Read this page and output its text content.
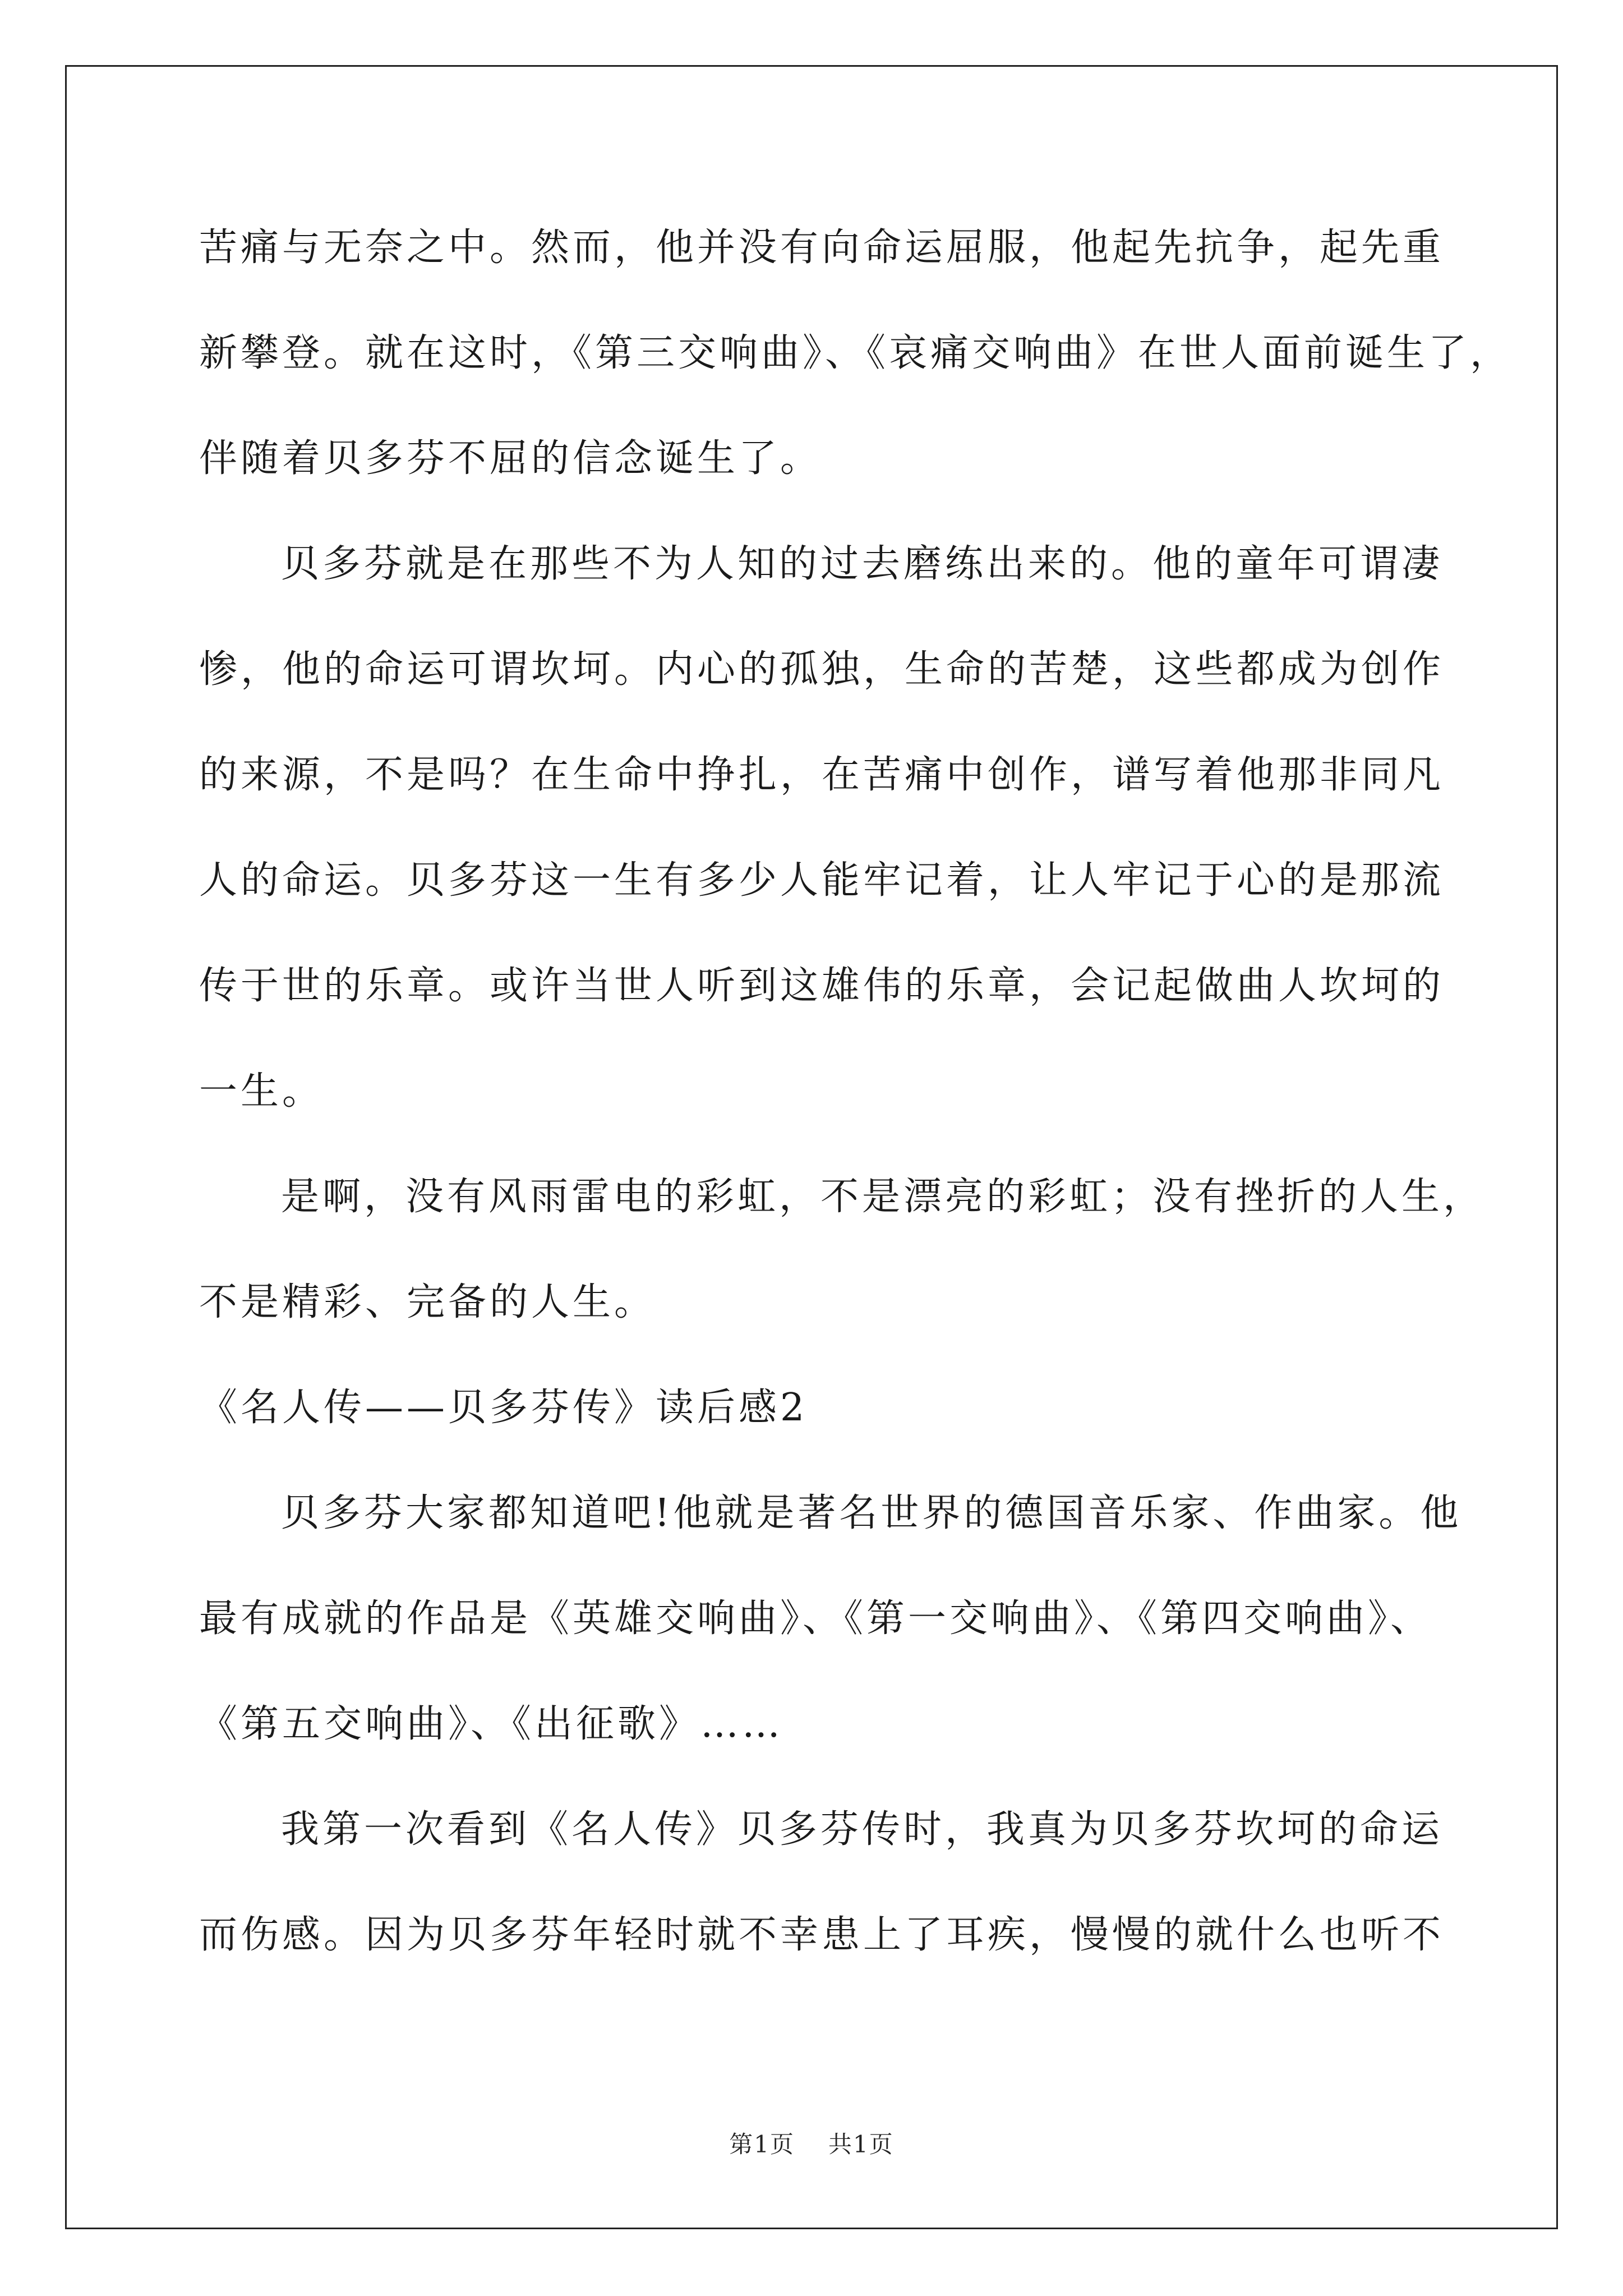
苦痛与无奈之中。然而，他并没有向命运屈服，他起先抗争，起先重
新攀登。就在这时，《第三交响曲》、《哀痛交响曲》在世人面前诞生了，
伴随着贝多芬不屈的信念诞生了。
贝多芬就是在那些不为人知的过去磨练出来的。他的童年可谓凄
惨，他的命运可谓坎坷。内心的孤独，生命的苦楚，这些都成为创作
的来源，不是吗？在生命中挣扎，在苦痛中创作，谱写着他那非同凡
人的命运。贝多芬这一生有多少人能牢记着，让人牢记于心的是那流
传于世的乐章。或许当世人听到这雄伟的乐章，会记起做曲人坎坷的
一生。
是啊，没有风雨雷电的彩虹，不是漂亮的彩虹；没有挫折的人生，
不是精彩、完备的人生。
《名人传——贝多芬传》读后感2
贝多芬大家都知道吧!他就是著名世界的德国音乐家、作曲家。他
最有成就的作品是《英雄交响曲》、《第一交响曲》、《第四交响曲》、
《第五交响曲》、《出征歌》……
我第一次看到《名人传》贝多芬传时，我真为贝多芬坎坷的命运
而伤感。因为贝多芬年轻时就不幸患上了耳疾，慢慢的就什么也听不
第1页 共1页
